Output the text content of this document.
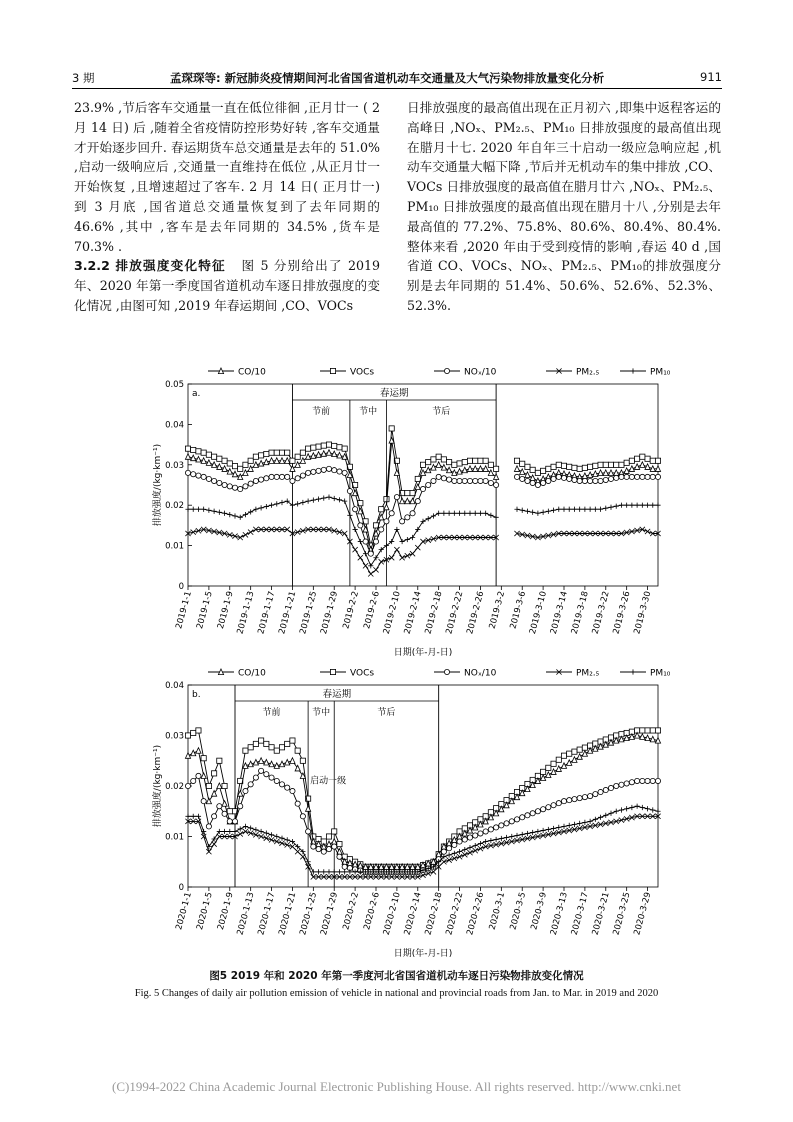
3 期	孟琛琛等: 新冠肺炎疫情期间河北省国省道机动车交通量及大气污染物排放量变化分析	911

23.9% ,节后客车交通量一直在低位徘徊 ,正月廿一 ( 2 月 14 日) 后 ,随着全省疫情防控形势好转 ,客车交通量才开始逐步回升. 春运期货车总交通量是去年的 51.0% ,启动一级响应后 ,交通量一直维持在低位 ,从正月廿一开始恢复 ,且增速超过了客车. 2 月 14 日( 正月廿一) 到 3 月底 ,国省道总交通量恢复到了去年同期的 46.6% ,其中 ,客车是去年同期的 34.5% ,货车是 70.3% .

3.2.2 排放强度变化特征 图 5 分别给出了 2019 年、2020 年第一季度国省道机动车逐日排放强度的变化情况 ,由图可知 ,2019 年春运期间 ,CO、VOCs

日排放强度的最高值出现在正月初六 ,即集中返程客运的高峰日 ,NOₓ、PM₂.₅、PM₁₀ 日排放强度的最高值出现在腊月十七. 2020 年自年三十启动一级应急响应起 ,机动车交通量大幅下降 ,节后并无机动车的集中排放 ,CO、VOCs 日排放强度的最高值在腊月廿六 ,NOₓ、PM₂.₅、PM₁₀ 日排放强度的最高值出现在腊月十八 ,分别是去年最高值的 77.2%、75.8%、80.6%、80.4%、80.4%. 整体来看 ,2020 年由于受到疫情的影响 ,春运 40 d ,国省道 CO、VOCs、NOₓ、PM₂.₅、PM₁₀的排放强度分别是去年同期的 51.4%、50.6%、52.6%、52.3%、52.3%.

VOCs
CO/10	NOₓ/10	PM₁₀
PM₂.₅
a.
0
0.01
0.02
0.03
0.04
0.05
排放强度/(kg·km⁻¹)
2019-1-1 2019-1-5 2019-1-9 2019-1-13 2019-1-17 2019-1-21 2019-1-25 2019-1-29 2019-2-2 2019-2-6 2019-2-10 2019-2-14 2019-2-18 2019-2-22 2019-2-26 2019-3-2 2019-3-6 2019-3-10 2019-3-14 2019-3-18 2019-3-22 2019-3-26 2019-3-30
日期(年-月-日)
春运期
节前	节中	节后
VOCs
CO/10	NOₓ/10	PM₁₀
PM₂.₅
b.
0
0.01
0.02
0.03
0.04
排放强度/(kg·km⁻¹)
2020-1-1 2020-1-5 2020-1-9 2020-1-13 2020-1-17 2020-1-21 2020-1-25 2020-1-29 2020-2-2 2020-2-6 2020-2-10 2020-2-14 2020-2-18 2020-2-22 2020-2-26 2020-3-1 2020-3-5 2020-3-9 2020-3-13 2020-3-17 2020-3-21 2020-3-25 2020-3-29
日期(年-月-日)
春运期
节前	节中	节后
启动一级
图5 2019 年和 2020 年第一季度河北省国省道机动车逐日污染物排放变化情况
Fig. 5 Changes of daily air pollution emission of vehicle in national and provincial roads from Jan. to Mar. in 2019 and 2020
(C)1994-2022 China Academic Journal Electronic Publishing House. All rights reserved. http://www.cnki.net
